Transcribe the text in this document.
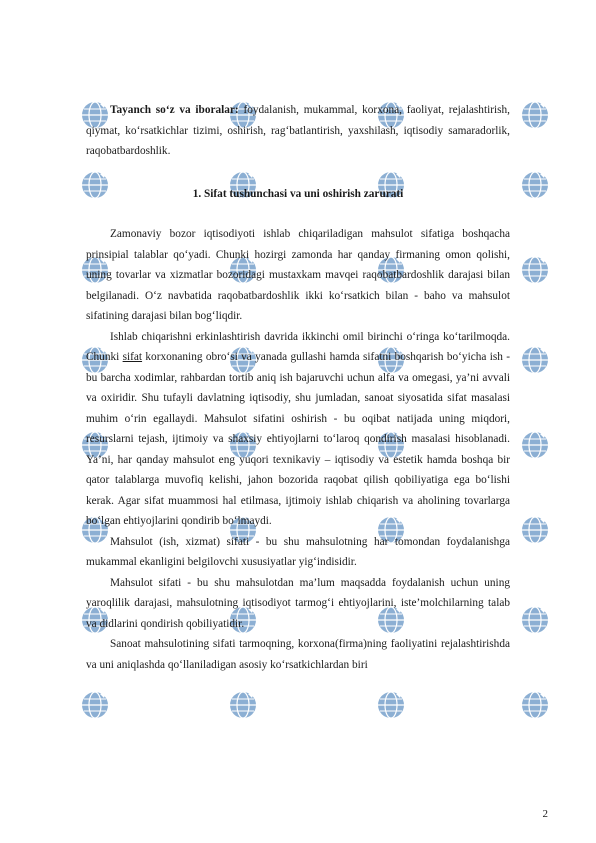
Tayanch so‘z va iboralar: foydalanish, mukammal, korxona, faoliyat, rejalashtirish, qiymat, ko‘rsatkichlar tizimi, oshirish, rag‘batlantirish, yaxshilash, iqtisodiy samaradorlik, raqobatbardoshlik.

1. Sifat tushunchasi va uni oshirish zarurati

Zamonaviy bozor iqtisodiyoti ishlab chiqariladigan mahsulot sifatiga boshqacha prinsipial talablar qo‘yadi. Chunki hozirgi zamonda har qanday firmaning omon qolishi, uning tovarlar va xizmatlar bozoridagi mustaxkam mavqei raqobatbardoshlik darajasi bilan belgilanadi. O‘z navbatida raqobatbardoshlik ikki ko‘rsatkich bilan - baho va mahsulot sifatining darajasi bilan bog‘liqdir.

Ishlab chiqarishni erkinlashtirish davrida ikkinchi omil birinchi o‘ringa ko‘tarilmoqda. Chunki sifat korxonaning obro‘si va yanada gullashi hamda sifatni boshqarish bo‘yicha ish - bu barcha xodimlar, rahbardan tortib aniq ish bajaruvchi uchun alfa va omegasi, ya’ni avvali va oxiridir. Shu tufayli davlatning iqtisodiy, shu jumladan, sanoat siyosatida sifat masalasi muhim o‘rin egallaydi. Mahsulot sifatini oshirish - bu oqibat natijada uning miqdori, resurslarni tejash, ijtimoiy va shaxsiy ehtiyojlarni to‘laroq qondirish masalasi hisoblanadi. Ya’ni, har qanday mahsulot eng yuqori texnikaviy – iqtisodiy va estetik hamda boshqa bir qator talablarga muvofiq kelishi, jahon bozorida raqobat qilish qobiliyatiga ega bo‘lishi kerak. Agar sifat muammosi hal etilmasa, ijtimoiy ishlab chiqarish va aholining tovarlarga bo‘lgan ehtiyojlarini qondirib bo‘lmaydi.

Mahsulot (ish, xizmat) sifati - bu shu mahsulotning har tomondan foydalanishga mukammal ekanligini belgilovchi xususiyatlar yig‘indisidir.

Mahsulot sifati - bu shu mahsulotdan ma’lum maqsadda foydalanish uchun uning yaroqlilik darajasi, mahsulotning iqtisodiyot tarmog‘i ehtiyojlarini, iste’molchilarning talab va didlarini qondirish qobiliyatidir.

Sanoat mahsulotining sifati tarmoqning, korxona(firma)ning faoliyatini rejalashtirishda va uni aniqlashda qo‘llaniladigan asosiy ko‘rsatkichlardan biri

2
